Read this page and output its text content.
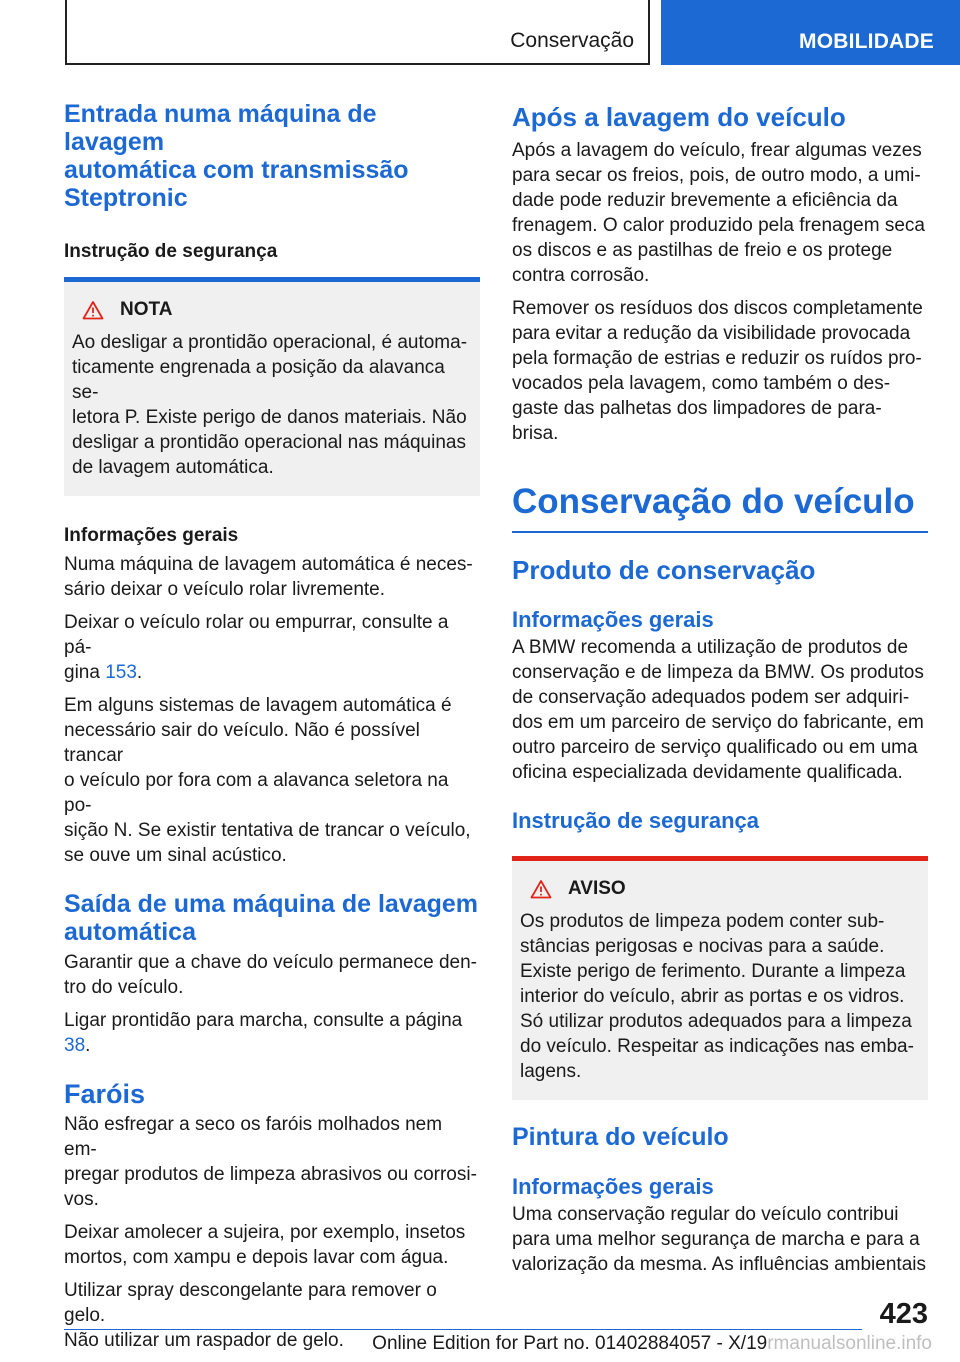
Conservação	MOBILIDADE
Entrada numa máquina de lavagem
automática com transmissão
Steptronic
Instrução de segurança
NOTA
Ao desligar a prontidão operacional, é automa-
ticamente engrenada a posição da alavanca se-
letora P. Existe perigo de danos materiais. Não
desligar a prontidão operacional nas máquinas
de lavagem automática.
Informações gerais
Numa máquina de lavagem automática é neces-
sário deixar o veículo rolar livremente.
Deixar o veículo rolar ou empurrar, consulte a pá-
gina 153.
Em alguns sistemas de lavagem automática é
necessário sair do veículo. Não é possível trancar
o veículo por fora com a alavanca seletora na po-
sição N. Se existir tentativa de trancar o veículo,
se ouve um sinal acústico.
Saída de uma máquina de lavagem
automática
Garantir que a chave do veículo permanece den-
tro do veículo.
Ligar prontidão para marcha, consulte a página
38.
Faróis
Não esfregar a seco os faróis molhados nem em-
pregar produtos de limpeza abrasivos ou corrosi-
vos.
Deixar amolecer a sujeira, por exemplo, insetos
mortos, com xampu e depois lavar com água.
Utilizar spray descongelante para remover o gelo.
Não utilizar um raspador de gelo.
Após a lavagem do veículo
Após a lavagem do veículo, frear algumas vezes
para secar os freios, pois, de outro modo, a umi-
dade pode reduzir brevemente a eficiência da
frenagem. O calor produzido pela frenagem seca
os discos e as pastilhas de freio e os protege
contra corrosão.
Remover os resíduos dos discos completamente
para evitar a redução da visibilidade provocada
pela formação de estrias e reduzir os ruídos pro-
vocados pela lavagem, como também o des-
gaste das palhetas dos limpadores de para-brisa.
Conservação do veículo
Produto de conservação
Informações gerais
A BMW recomenda a utilização de produtos de
conservação e de limpeza da BMW. Os produtos
de conservação adequados podem ser adquiri-
dos em um parceiro de serviço do fabricante, em
outro parceiro de serviço qualificado ou em uma
oficina especializada devidamente qualificada.
Instrução de segurança
AVISO
Os produtos de limpeza podem conter sub-
stâncias perigosas e nocivas para a saúde.
Existe perigo de ferimento. Durante a limpeza
interior do veículo, abrir as portas e os vidros.
Só utilizar produtos adequados para a limpeza
do veículo. Respeitar as indicações nas emba-
lagens.
Pintura do veículo
Informações gerais
Uma conservação regular do veículo contribui
para uma melhor segurança de marcha e para a
valorização da mesma. As influências ambientais
423
Online Edition for Part no. 01402884057 - X/19rmanualsonline.info
